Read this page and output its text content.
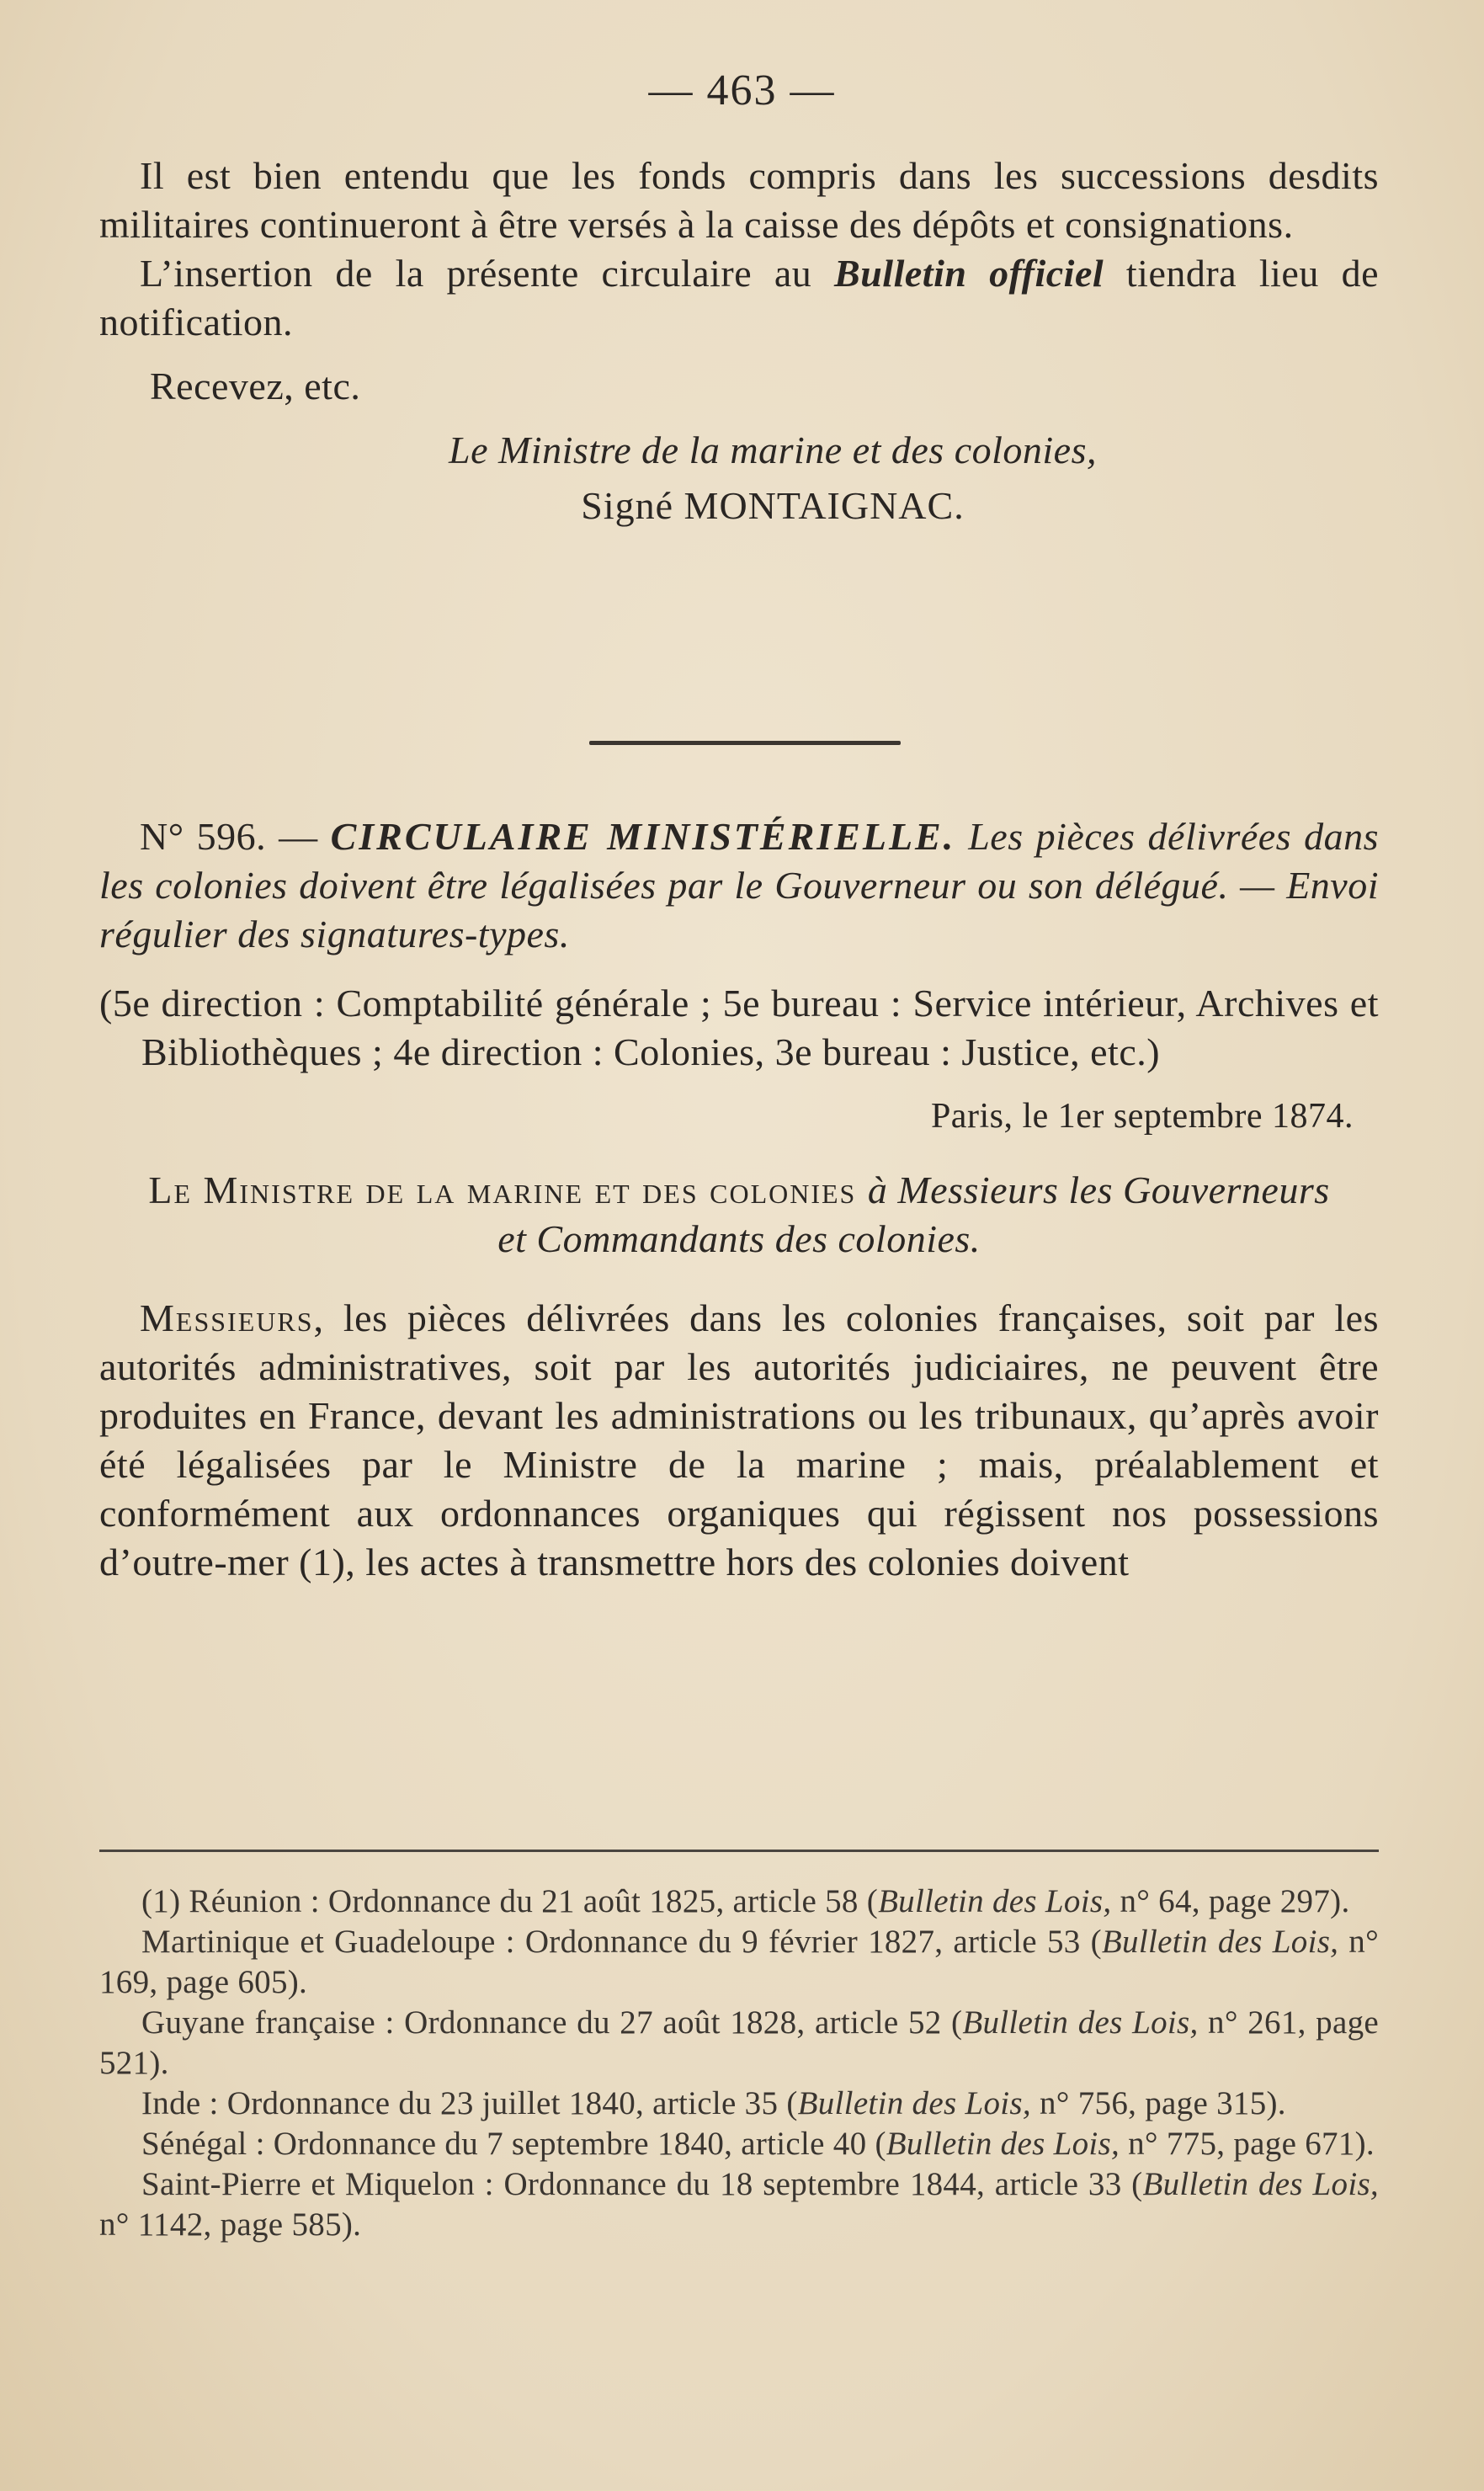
— 463 —

Il est bien entendu que les fonds compris dans les successions desdits militaires continueront à être versés à la caisse des dépôts et consignations.

L’insertion de la présente circulaire au Bulletin officiel tiendra lieu de notification.

Recevez, etc.

Le Ministre de la marine et des colonies,

Signé MONTAIGNAC.

N° 596. — CIRCULAIRE MINISTÉRIELLE. Les pièces délivrées dans les colonies doivent être légalisées par le Gouverneur ou son délégué. — Envoi régulier des signatures-types.

(5e direction : Comptabilité générale ; 5e bureau : Service intérieur, Archives et Bibliothèques ; 4e direction : Colonies, 3e bureau : Justice, etc.)

Paris, le 1er septembre 1874.

Le Ministre de la marine et des colonies à Messieurs les Gouverneurs et Commandants des colonies.

Messieurs, les pièces délivrées dans les colonies françaises, soit par les autorités administratives, soit par les autorités judiciaires, ne peuvent être produites en France, devant les administrations ou les tribunaux, qu’après avoir été légalisées par le Ministre de la marine ; mais, préalablement et conformément aux ordonnances organiques qui régissent nos possessions d’outre-mer (1), les actes à transmettre hors des colonies doivent

(1) Réunion : Ordonnance du 21 août 1825, article 58 (Bulletin des Lois, n° 64, page 297).

Martinique et Guadeloupe : Ordonnance du 9 février 1827, article 53 (Bulletin des Lois, n° 169, page 605).

Guyane française : Ordonnance du 27 août 1828, article 52 (Bulletin des Lois, n° 261, page 521).

Inde : Ordonnance du 23 juillet 1840, article 35 (Bulletin des Lois, n° 756, page 315).

Sénégal : Ordonnance du 7 septembre 1840, article 40 (Bulletin des Lois, n° 775, page 671).

Saint-Pierre et Miquelon : Ordonnance du 18 septembre 1844, article 33 (Bulletin des Lois, n° 1142, page 585).
